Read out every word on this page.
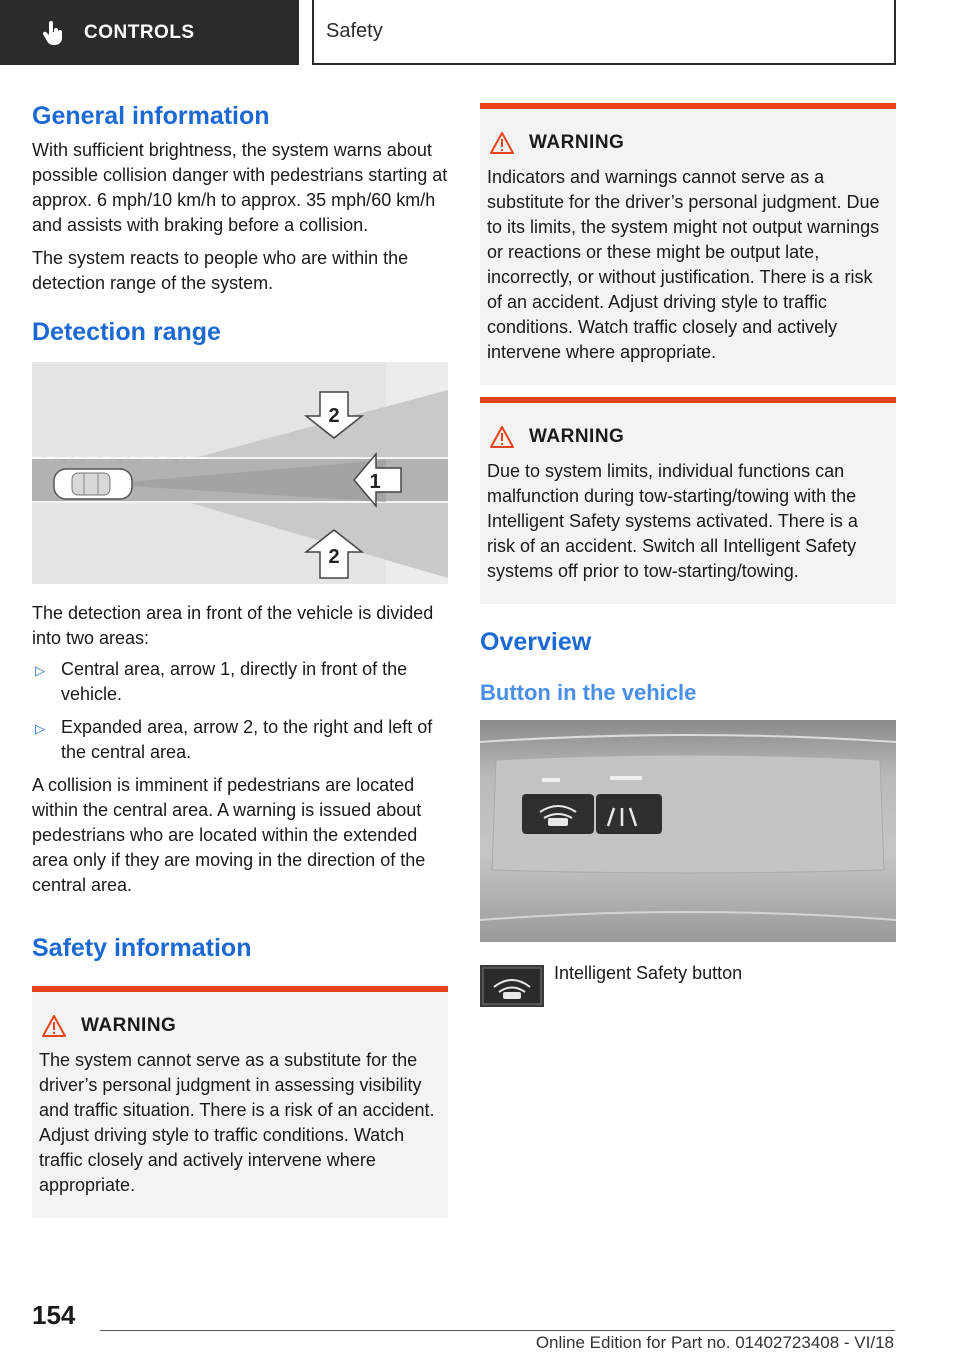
CONTROLS	Safety
General information

With sufficient brightness, the system warns about possible collision danger with pedestrians starting at approx. 6 mph/10 km/h to approx. 35 mph/60 km/h and assists with braking before a collision.

The system reacts to people who are within the detection range of the system.

Detection range
2
1
2

The detection area in front of the vehicle is divided into two areas:

▷ Central area, arrow 1, directly in front of the vehicle.
▷ Expanded area, arrow 2, to the right and left of the central area.

A collision is imminent if pedestrians are located within the central area. A warning is issued about pedestrians who are located within the extended area only if they are moving in the direction of the central area.

Safety information
WARNING

The system cannot serve as a substitute for the driver’s personal judgment in assessing visibility and traffic situation. There is a risk of an accident. Adjust driving style to traffic conditions. Watch traffic closely and actively intervene where appropriate.

WARNING

Indicators and warnings cannot serve as a substitute for the driver’s personal judgment. Due to its limits, the system might not output warnings or reactions or these might be output late, incorrectly, or without justification. There is a risk of an accident. Adjust driving style to traffic conditions. Watch traffic closely and actively intervene where appropriate.

WARNING

Due to system limits, individual functions can malfunction during tow-starting/towing with the Intelligent Safety systems activated. There is a risk of an accident. Switch all Intelligent Safety systems off prior to tow-starting/towing.

Overview
Button in the vehicle

Intelligent Safety button

154
Online Edition for Part no. 01402723408 - VI/18
